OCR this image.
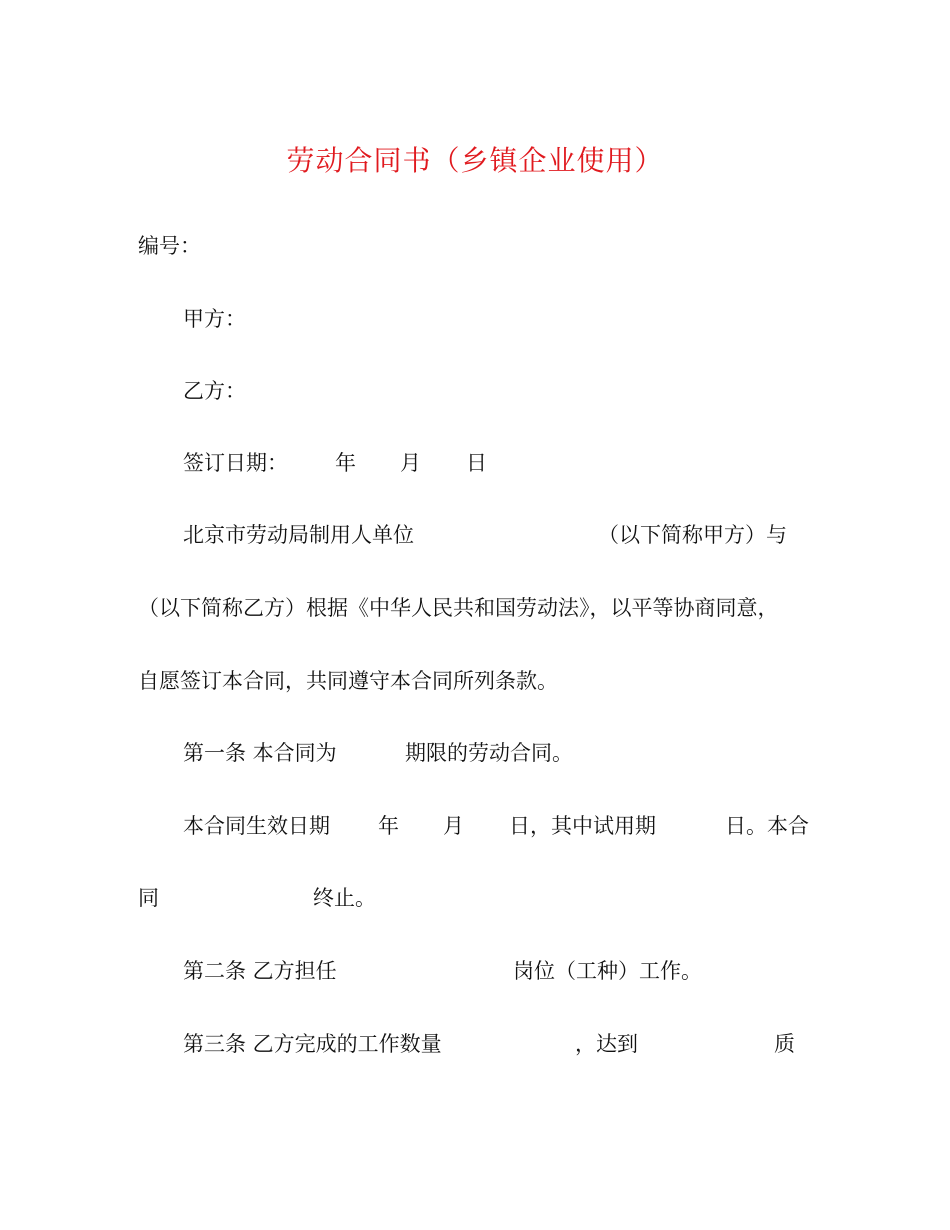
劳动合同书（乡镇企业使用）
编号：
甲方：
乙方：
签订日期： 年 月 日
北京市劳动局制用人单位	（以下简称甲方）与
（以下简称乙方）根据《中华人民共和国劳动法》，以平等协商同意，
自愿签订本合同，共同遵守本合同所列条款。
第一条 本合同为	期限的劳动合同。
本合同生效日期 年 月 日，其中试用期	日。本合
同	终止。
第二条 乙方担任	岗位（工种）工作。
第三条 乙方完成的工作数量	，达到	质
